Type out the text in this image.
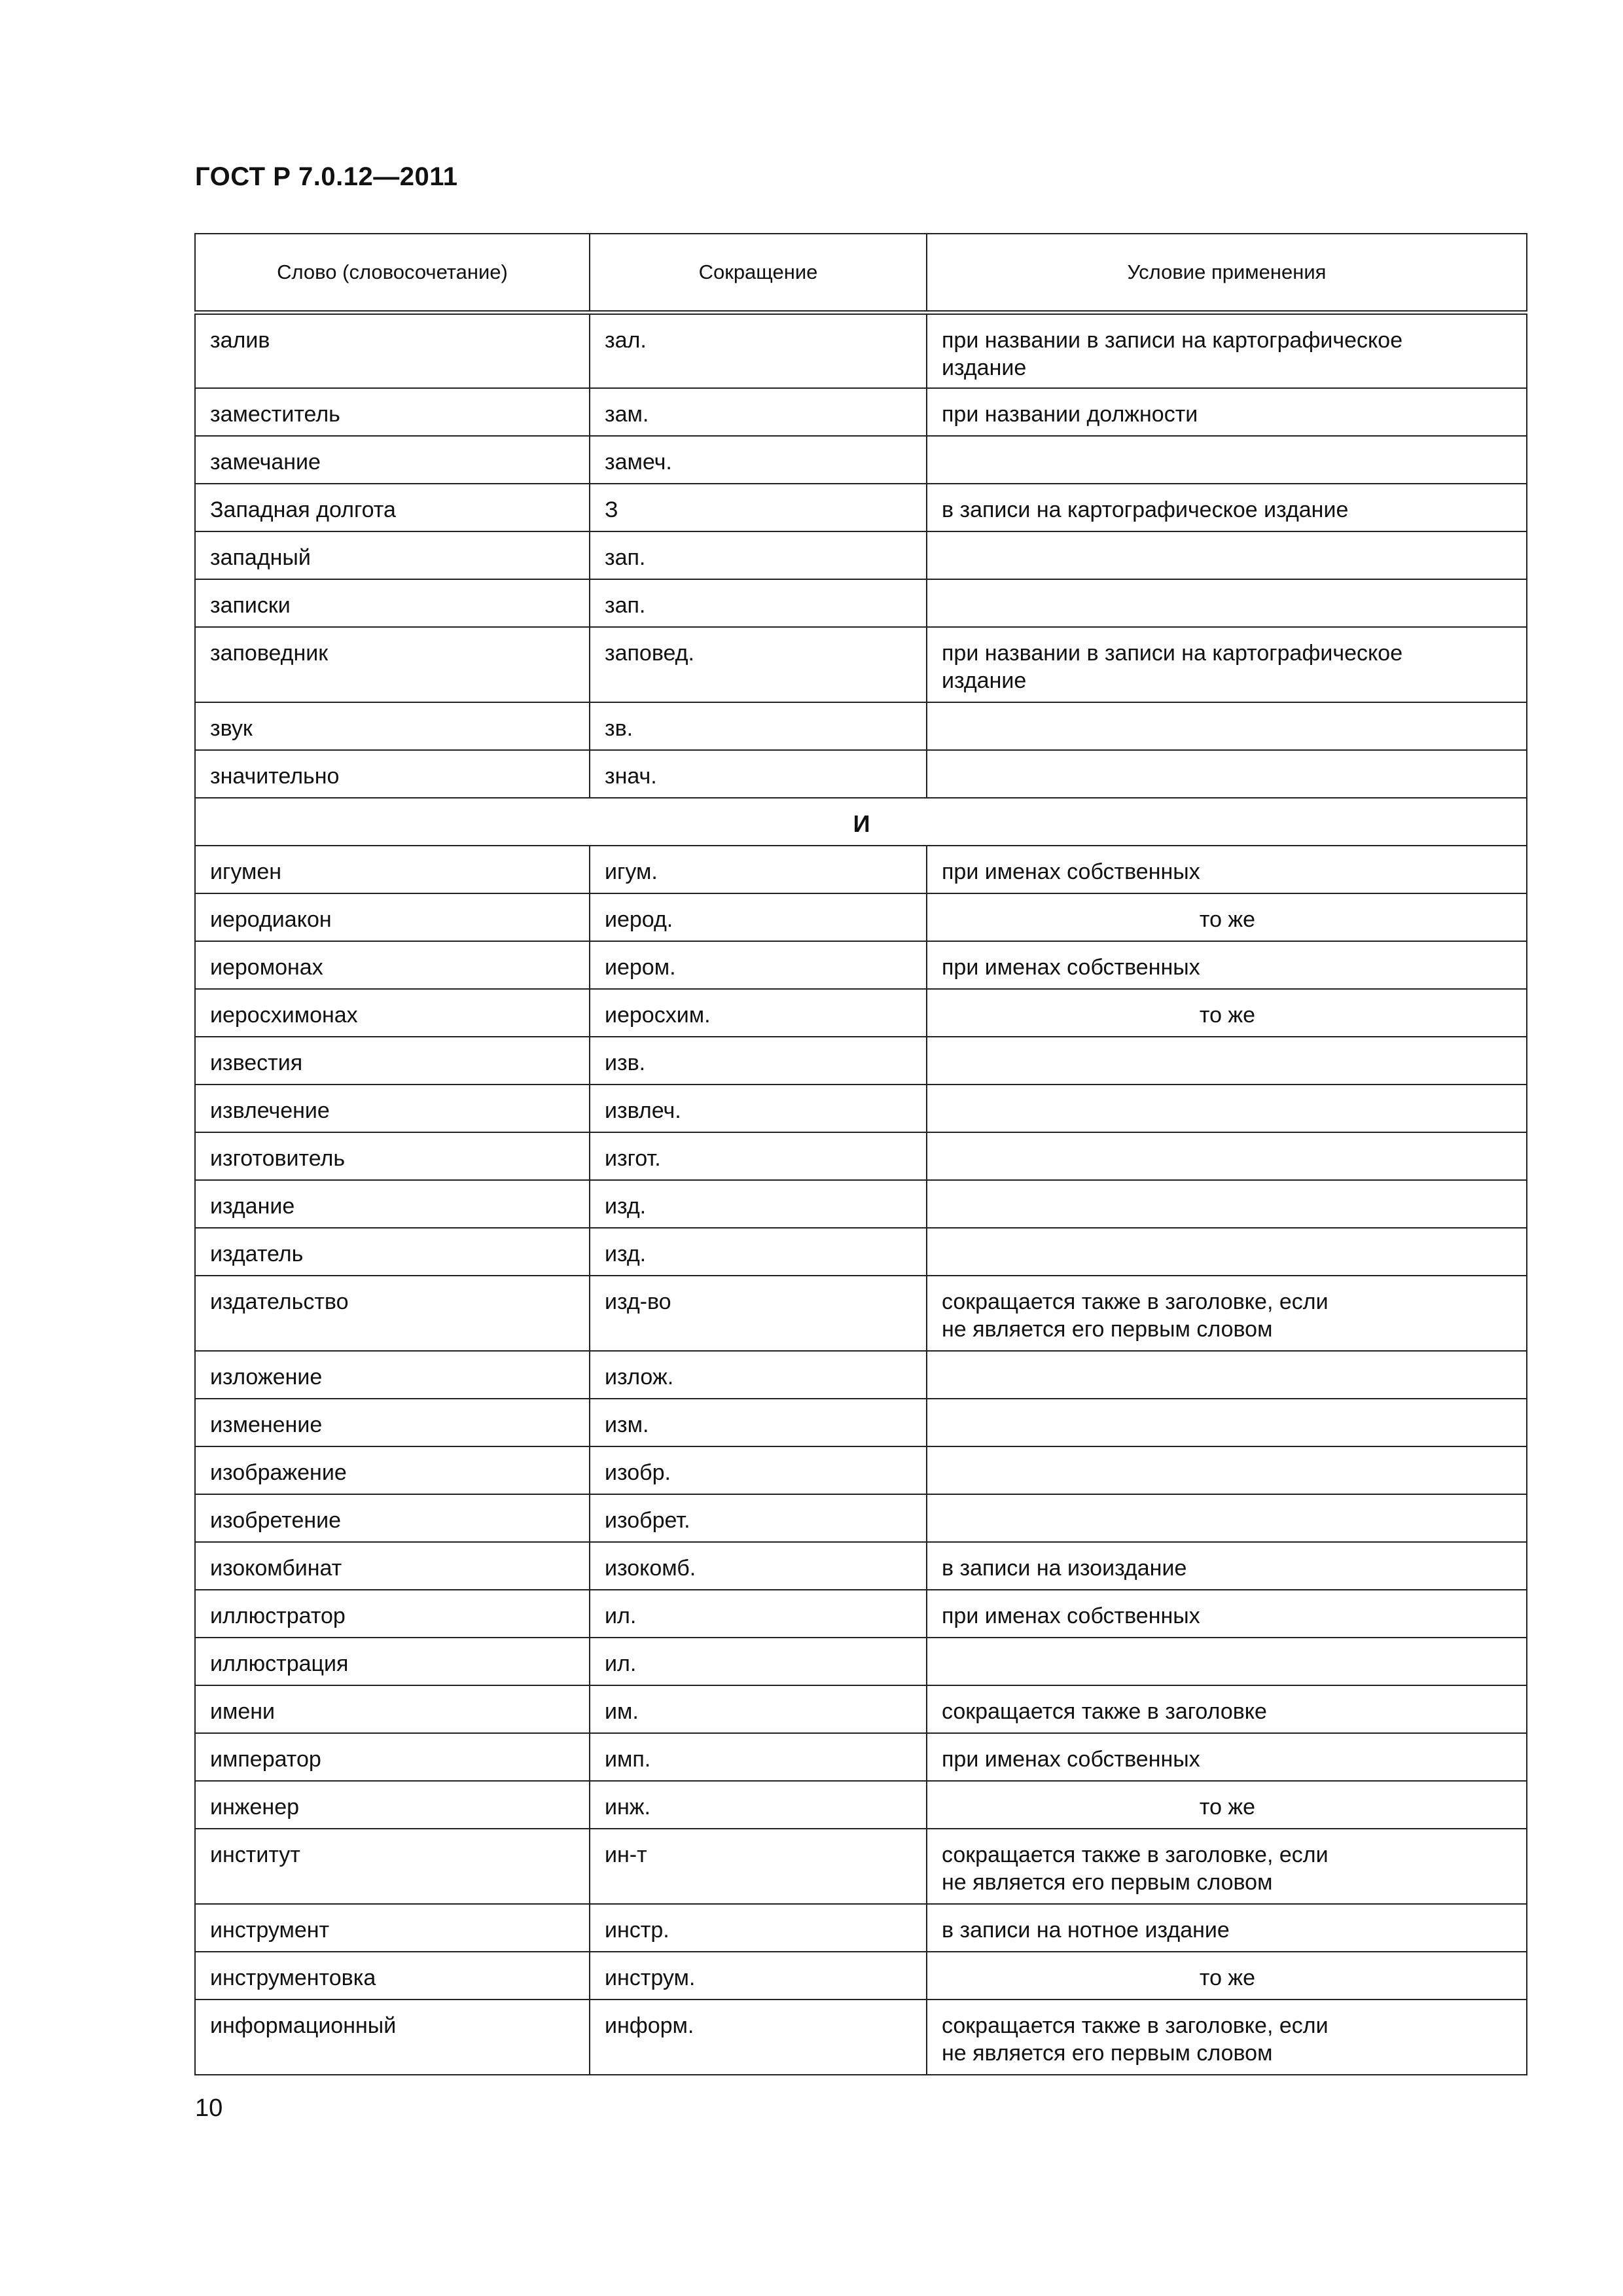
ГОСТ Р 7.0.12—2011
Слово (словосочетание)	Сокращение	Условие применения
залив	зал.	при названии в записи на картографическое
издание
заместитель	зам.	при названии должности
замечание	замеч.	
Западная долгота	З	в записи на картографическое издание
западный	зап.	
записки	зап.	
заповедник	заповед.	при названии в записи на картографическое
издание
звук	зв.	
значительно	знач.	
И		
игумен	игум.	при именах собственных
иеродиакон	иерод.	то же
иеромонах	иером.	при именах собственных
иеросхимонах	иеросхим.	то же
известия	изв.	
извлечение	извлеч.	
изготовитель	изгот.	
издание	изд.	
издатель	изд.	
издательство	изд-во	сокращается также в заголовке, если
не является его первым словом
изложение	излож.	
изменение	изм.	
изображение	изобр.	
изобретение	изобрет.	
изокомбинат	изокомб.	в записи на изоиздание
иллюстратор	ил.	при именах собственных
иллюстрация	ил.	
имени	им.	сокращается также в заголовке
император	имп.	при именах собственных
инженер	инж.	то же
институт	ин-т	сокращается также в заголовке, если
не является его первым словом
инструмент	инстр.	в записи на нотное издание
инструментовка	инструм.	то же
информационный	информ.	сокращается также в заголовке, если
не является его первым словом
10
